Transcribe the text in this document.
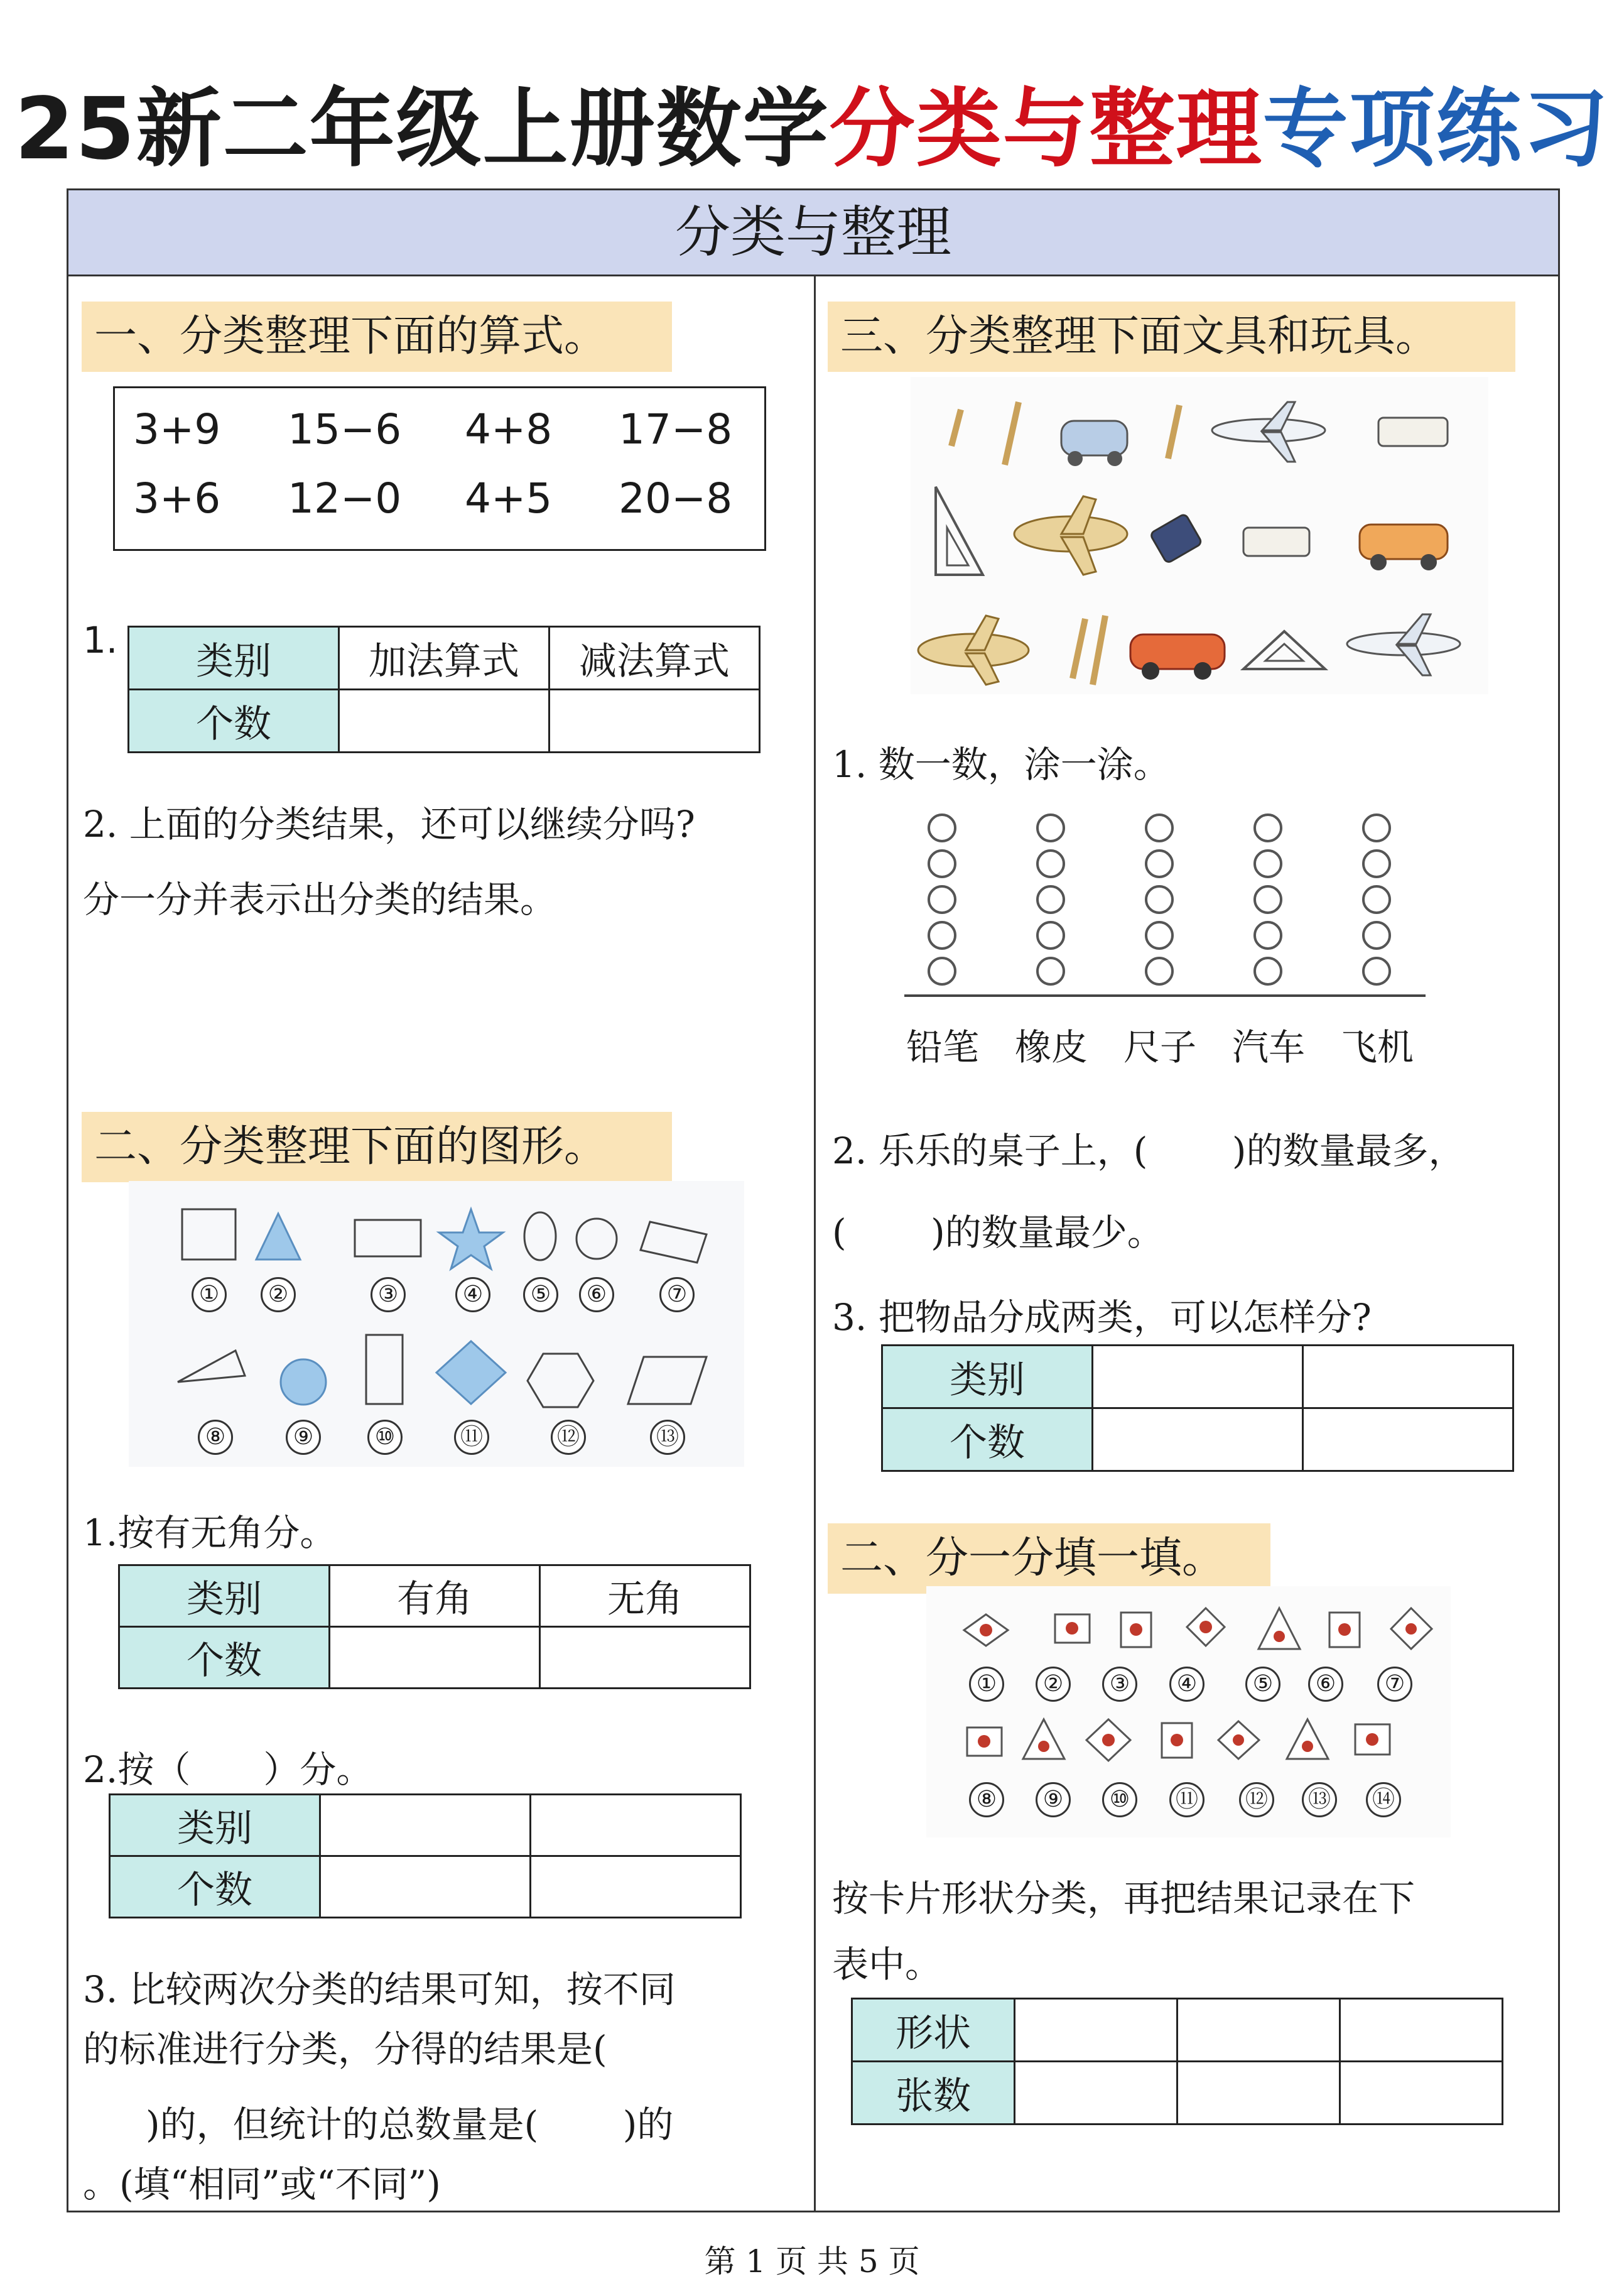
25新二年级上册数学分类与整理专项练习
分类与整理
一、分类整理下面的算式。
3+9 15−6 4+8 17−8
3+6 12−0 4+5 20−8
1. 类别	加法算式	减法算式
个数		
2. 上面的分类结果，还可以继续分吗?
分一分并表示出分类的结果。
二、分类整理下面的图形。
①	②	③	④	⑤	⑥	⑦
⑧	⑨	⑩	⑪	⑫	⑬
1.按有无角分。
类别	有角	无角
个数		
2.按（　　）分。
类别		
个数		
3. 比较两次分类的结果可知，按不同
的标准进行分类，分得的结果是(
)的，但统计的总数量是(　　 )的
。(填“相同”或“不同”)
三、分类整理下面文具和玩具。
1. 数一数，涂一涂。
铅笔 橡皮 尺子 汽车 飞机
2. 乐乐的桌子上，(　　 )的数量最多，
(　　 )的数量最少。
3. 把物品分成两类，可以怎样分?
类别		
个数		
二、分一分填一填。
①	②	③	④	⑤	⑥	⑦
⑧	⑨	⑩	⑪ ⑫ ⑬ ⑭
按卡片形状分类，再把结果记录在下
表中。
形状			
张数			
第 1 页 共 5 页
